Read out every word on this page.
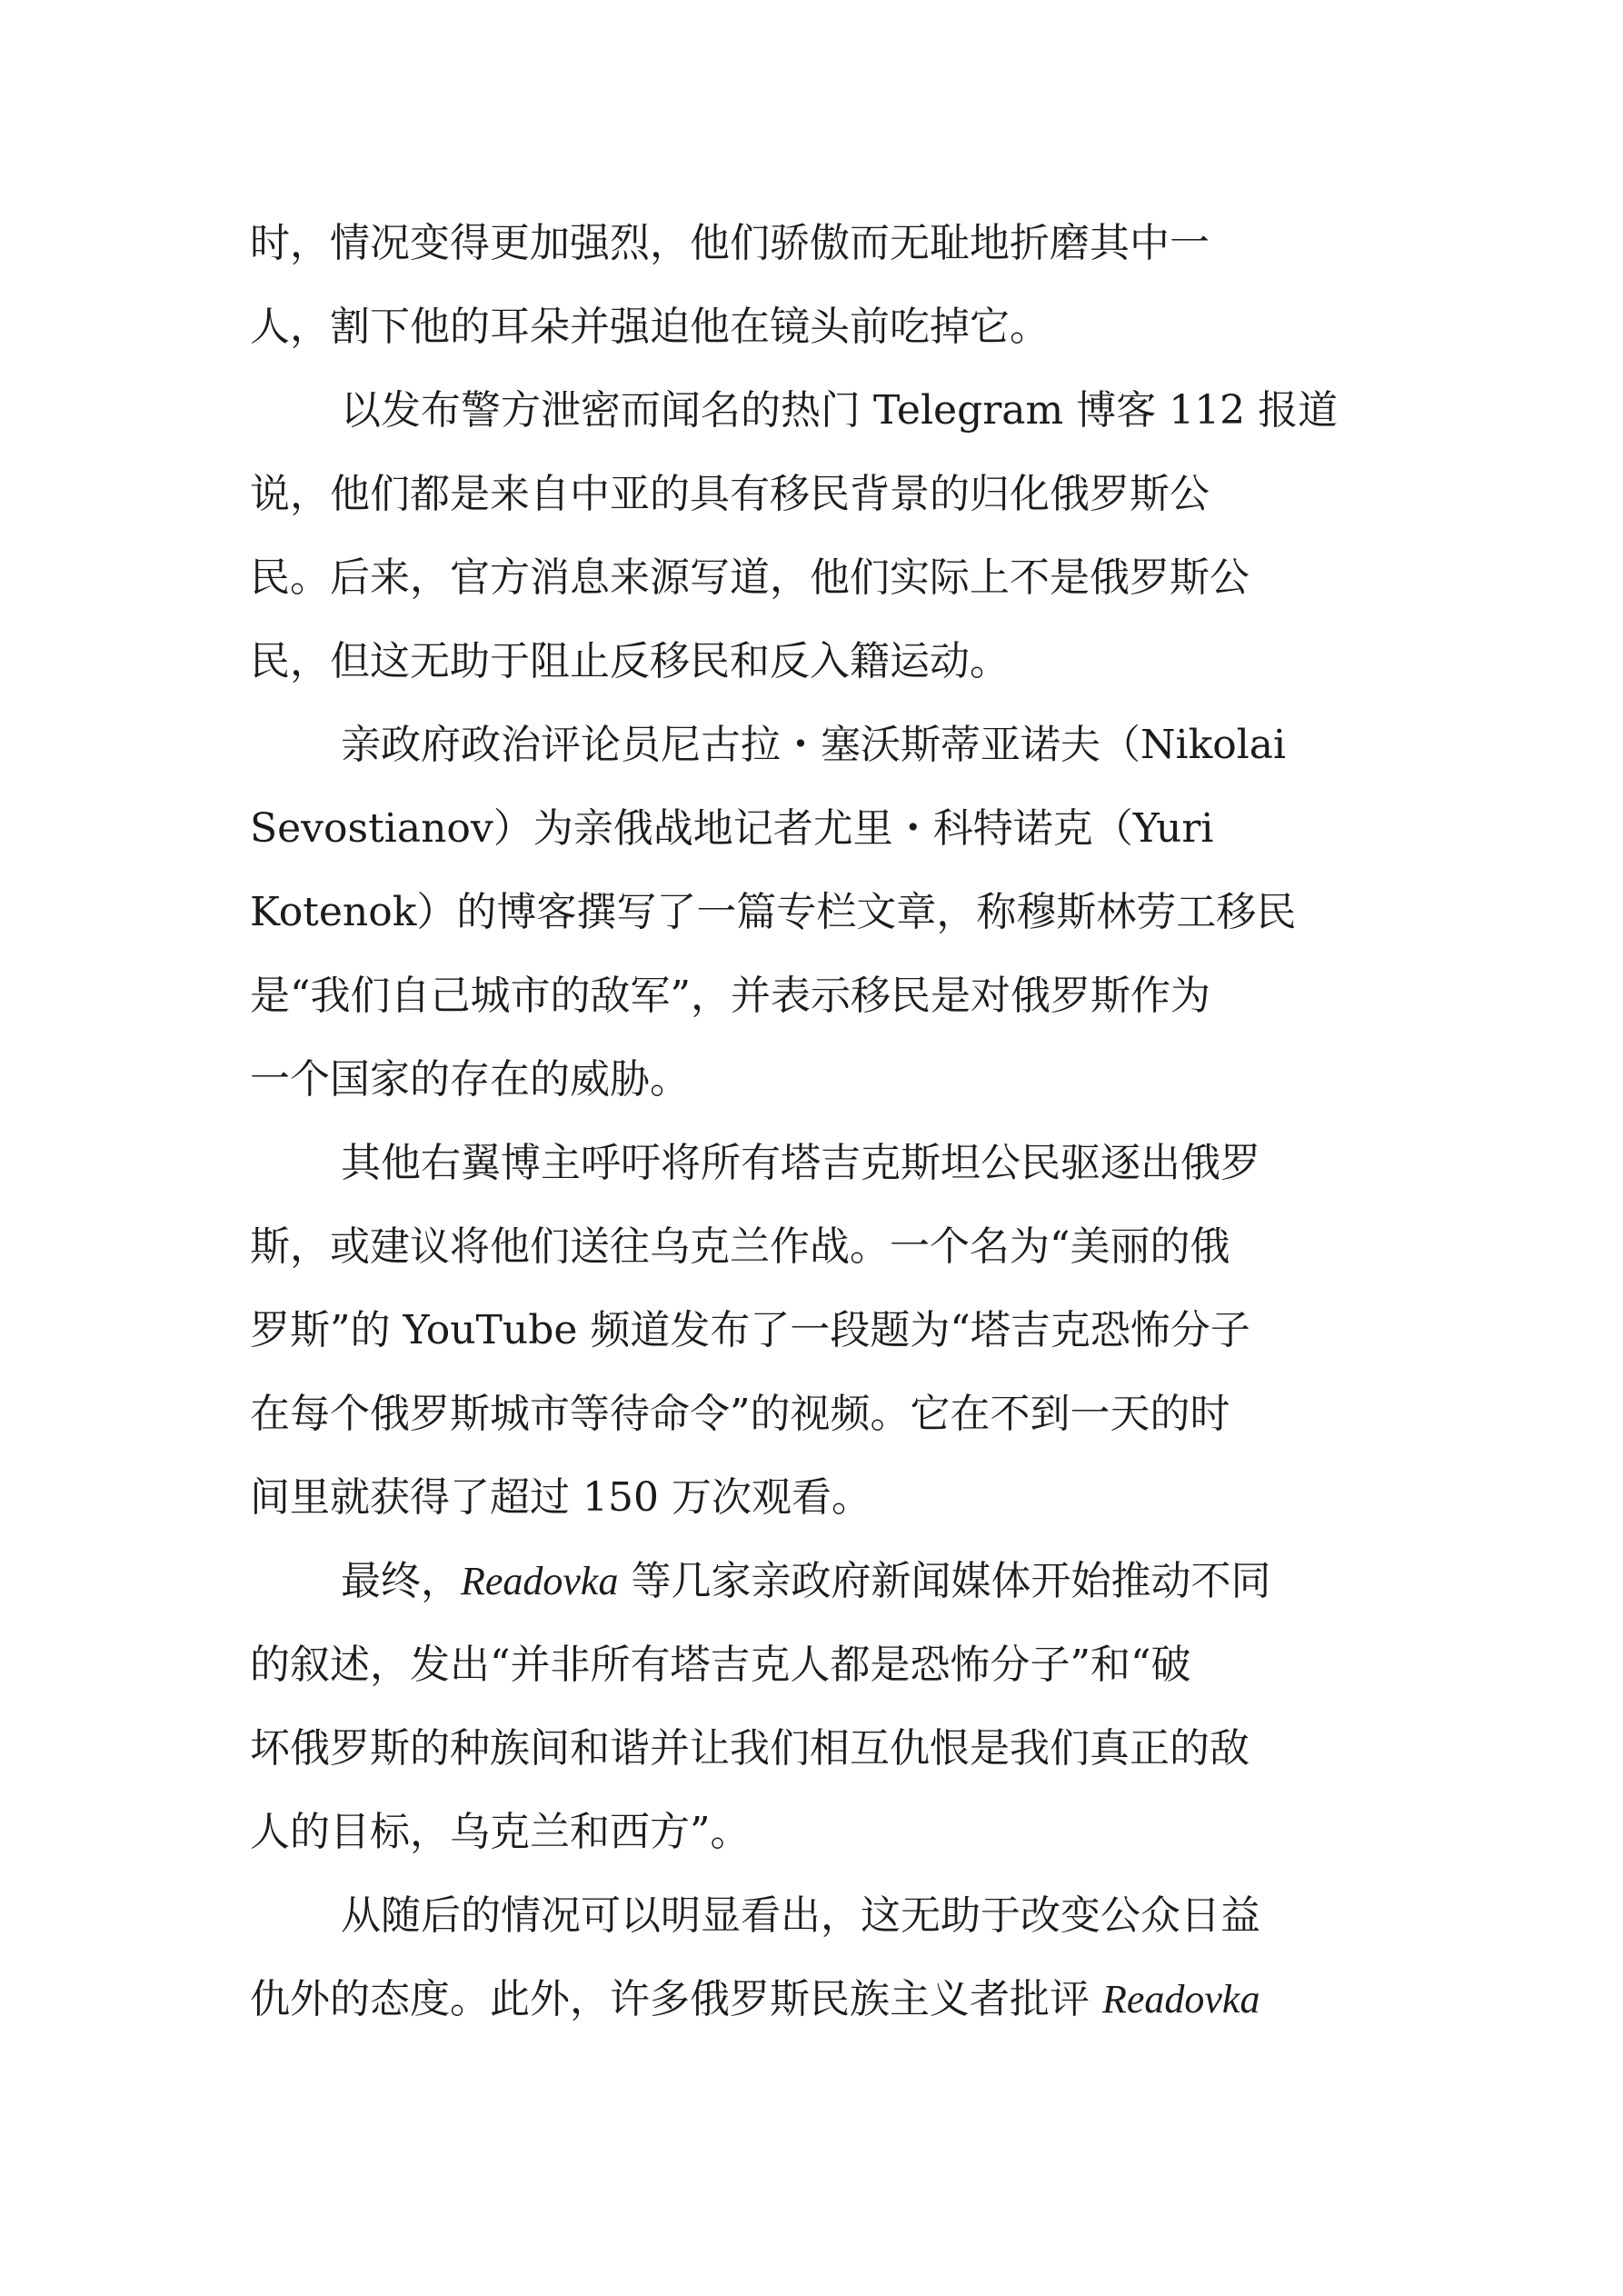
时，情况变得更加强烈，他们骄傲而无耻地折磨其中一

人，割下他的耳朵并强迫他在镜头前吃掉它。

以发布警方泄密而闻名的热门 Telegram 博客 112 报道

说，他们都是来自中亚的具有移民背景的归化俄罗斯公

民。后来，官方消息来源写道，他们实际上不是俄罗斯公

民，但这无助于阻止反移民和反入籍运动。

亲政府政治评论员尼古拉・塞沃斯蒂亚诺夫（Nikolai

Sevostianov）为亲俄战地记者尤里・科特诺克（Yuri

Kotenok）的博客撰写了一篇专栏文章，称穆斯林劳工移民

是“我们自己城市的敌军”，并表示移民是对俄罗斯作为

一个国家的存在的威胁。

其他右翼博主呼吁将所有塔吉克斯坦公民驱逐出俄罗

斯，或建议将他们送往乌克兰作战。一个名为“美丽的俄

罗斯”的 YouTube 频道发布了一段题为“塔吉克恐怖分子

在每个俄罗斯城市等待命令”的视频。它在不到一天的时

间里就获得了超过 150 万次观看。

最终，Readovka 等几家亲政府新闻媒体开始推动不同

的叙述，发出“并非所有塔吉克人都是恐怖分子”和“破

坏俄罗斯的种族间和谐并让我们相互仇恨是我们真正的敌

人的目标，乌克兰和西方”。

从随后的情况可以明显看出，这无助于改变公众日益

仇外的态度。此外，许多俄罗斯民族主义者批评 Readovka
